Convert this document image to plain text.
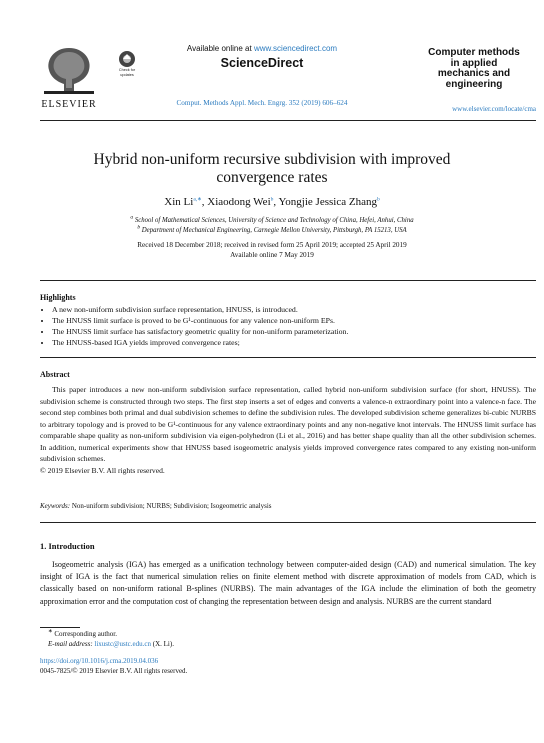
ELSEVIER
Check for updates
Available online at www.sciencedirect.com
ScienceDirect
Comput. Methods Appl. Mech. Engrg. 352 (2019) 606–624
Computer methods
in applied
mechanics and
engineering
www.elsevier.com/locate/cma
Hybrid non-uniform recursive subdivision with improved
convergence rates
Xin $Li^{a,∗}$, Xiaodong Wei$^b$, Yongjie Jessica Zhang$^b$
$^a$ School of Mathematical Sciences, University of Science and Technology of China, Hefei, Anhui, China
$^b$ Department of Mechanical Engineering, Carnegie Mellon University, Pittsburgh, PA 15213, USA
Received 18 December 2018; received in revised form 25 April 2019; accepted 25 April 2019
Available online 7 May 2019
Highlights
• A new non-uniform subdivision surface representation, HNUSS, is introduced.
• The HNUSS limit surface is proved to be G¹-continuous for any valence non-uniform EPs.
• The HNUSS limit surface has satisfactory geometric quality for non-uniform parameterization.
• The HNUSS-based IGA yields improved convergence rates;
Abstract
This paper introduces a new non-uniform subdivision surface representation, called hybrid non-uniform subdivision surface (for short, HNUSS). The subdivision scheme is constructed through two steps. The first step inserts a set of edges and converts a valence-n extraordinary point into a valence-n face. The second step combines both primal and dual subdivision schemes to define the subdivision rules. The developed subdivision scheme generalizes bi-cubic NURBS to arbitrary topology and is proved to be G¹-continuous for any valence extraordinary points and any non-negative knot intervals. The HNUSS limit surface has comparable shape quality as non-uniform subdivision via eigen-polyhedron (Li et al., 2016) and has better shape quality than all the other subdivision schemes. In addition, numerical experiments show that HNUSS based isogeometric analysis yields improved convergence rates compared to any existing non-uniform subdivision schemes.
© 2019 Elsevier B.V. All rights reserved.
Keywords: Non-uniform subdivision; NURBS; Subdivision; Isogeometric analysis
1. Introduction
Isogeometric analysis (IGA) has emerged as a unification technology between computer-aided design (CAD) and numerical simulation. The key insight of IGA is the fact that numerical simulation relies on finite element method with discrete approximation of models from CAD, which is classically based on non-uniform rational B-splines (NURBS). The main advantages of the IGA include the elimination of both the geometry approximation error and the computation cost of changing the representation between design and analysis. NURBS are the current standard
∗ Corresponding author.
E-mail address: lixustc@ustc.edu.cn (X. Li).
https://doi.org/10.1016/j.cma.2019.04.036
0045-7825/© 2019 Elsevier B.V. All rights reserved.
